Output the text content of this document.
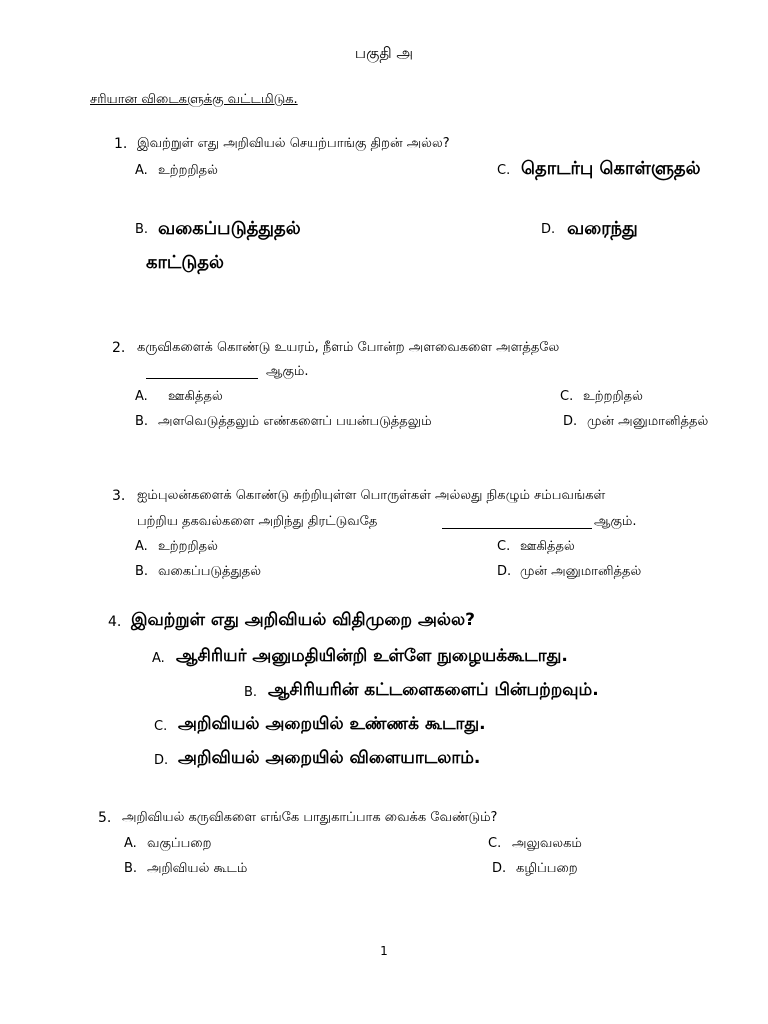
பகுதி அ
சரியான விடைகளுக்கு வட்டமிடுக.
1. இவற்றுள் எது அறிவியல் செயற்பாங்கு திறன் அல்ல?
A. உற்றறிதல்	C. தொடர்பு கொள்ளுதல்
B. வகைப்படுத்துதல்	D. வரைந்து
காட்டுதல்
2. கருவிகளைக் கொண்டு உயரம், நீளம் போன்ற அளவைகளை அளத்தலே
ஆகும்.
A. ஊகித்தல்	C. உற்றறிதல்
B. அளவெடுத்தலும் எண்களைப் பயன்படுத்தலும்	D. முன் அனுமானித்தல்
3. ஐம்புலன்களைக் கொண்டு சுற்றியுள்ள பொருள்கள் அல்லது நிகழும் சம்பவங்கள்
பற்றிய தகவல்களை அறிந்து திரட்டுவதே	ஆகும்.
A. உற்றறிதல்	C. ஊகித்தல்
B. வகைப்படுத்துதல்	D. முன் அனுமானித்தல்
4. இவற்றுள் எது அறிவியல் விதிமுறை அல்ல?
A. ஆசிரியர் அனுமதியின்றி உள்ளே நுழையக்கூடாது.
B. ஆசிரியரின் கட்டளைகளைப் பின்பற்றவும்.
C. அறிவியல் அறையில் உண்ணக் கூடாது.
D. அறிவியல் அறையில் விளையாடலாம்.
5. அறிவியல் கருவிகளை எங்கே பாதுகாப்பாக வைக்க வேண்டும்?
A. வகுப்பறை	C. அலுவலகம்
B. அறிவியல் கூடம்	D. கழிப்பறை
1
